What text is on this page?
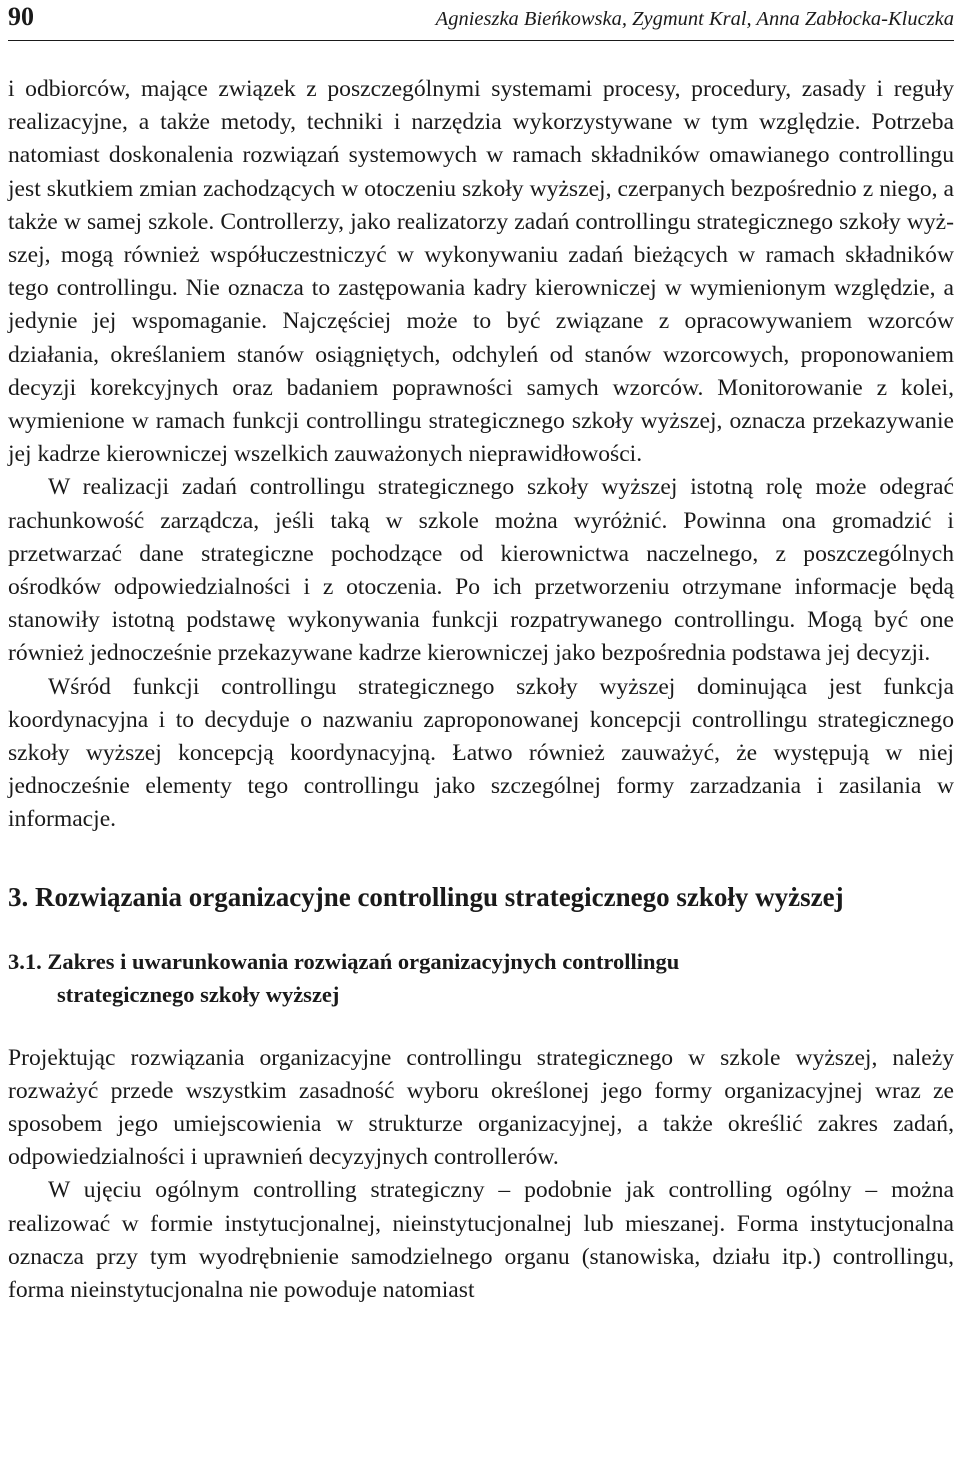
90	Agnieszka Bieńkowska, Zygmunt Kral, Anna Zabłocka-Kluczka

i odbiorców, mające związek z poszczególnymi systemami procesy, procedury, zasady i reguły realizacyjne, a także metody, techniki i narzędzia wykorzystywane w tym względzie. Potrzeba natomiast doskonalenia rozwiązań systemowych w ramach składników omawianego controllingu jest skutkiem zmian zachodzących w otoczeniu szkoły wyższej, czerpanych bezpośrednio z niego, a także w samej szkole. Controllerzy, jako realizatorzy zadań controllingu strategicznego szkoły wyższej, mogą również współuczestniczyć w wykonywaniu zadań bieżących w ramach składników tego controllingu. Nie oznacza to zastępowania kadry kierowniczej w wymienionym względzie, a jedynie jej wspomaganie. Najczęściej może to być związane z opracowywaniem wzorców działania, określaniem stanów osiągniętych, odchyleń od stanów wzorcowych, proponowaniem decyzji korekcyjnych oraz badaniem poprawności samych wzorców. Monitorowanie z kolei, wymienione w ramach funkcji controllingu strategicznego szkoły wyższej, oznacza przekazywanie jej kadrze kierowniczej wszelkich zauważonych nieprawidłowości.

W realizacji zadań controllingu strategicznego szkoły wyższej istotną rolę może odegrać rachunkowość zarządcza, jeśli taką w szkole można wyróżnić. Powinna ona gromadzić i przetwarzać dane strategiczne pochodzące od kierownictwa naczelnego, z poszczególnych ośrodków odpowiedzialności i z otoczenia. Po ich przetworzeniu otrzymane informacje będą stanowiły istotną podstawę wykonywania funkcji rozpatrywanego controllingu. Mogą być one również jednocześnie przekazywane kadrze kierowniczej jako bezpośrednia podstawa jej decyzji.

Wśród funkcji controllingu strategicznego szkoły wyższej dominująca jest funkcja koordynacyjna i to decyduje o nazwaniu zaproponowanej koncepcji controllingu strategicznego szkoły wyższej koncepcją koordynacyjną. Łatwo również zauważyć, że występują w niej jednocześnie elementy tego controllingu jako szczególnej formy zarzadzania i zasilania w informacje.

3. Rozwiązania organizacyjne controllingu strategicznego szkoły wyższej
3.1. Zakres i uwarunkowania rozwiązań organizacyjnych controllingu strategicznego szkoły wyższej

Projektując rozwiązania organizacyjne controllingu strategicznego w szkole wyższej, należy rozważyć przede wszystkim zasadność wyboru określonej jego formy organizacyjnej wraz ze sposobem jego umiejscowienia w strukturze organizacyjnej, a także określić zakres zadań, odpowiedzialności i uprawnień decyzyjnych controllerów.

W ujęciu ogólnym controlling strategiczny – podobnie jak controlling ogólny – można realizować w formie instytucjonalnej, nieinstytucjonalnej lub mieszanej. Forma instytucjonalna oznacza przy tym wyodrębnienie samodzielnego organu (stanowiska, działu itp.) controllingu, forma nieinstytucjonalna nie powoduje natomiast
